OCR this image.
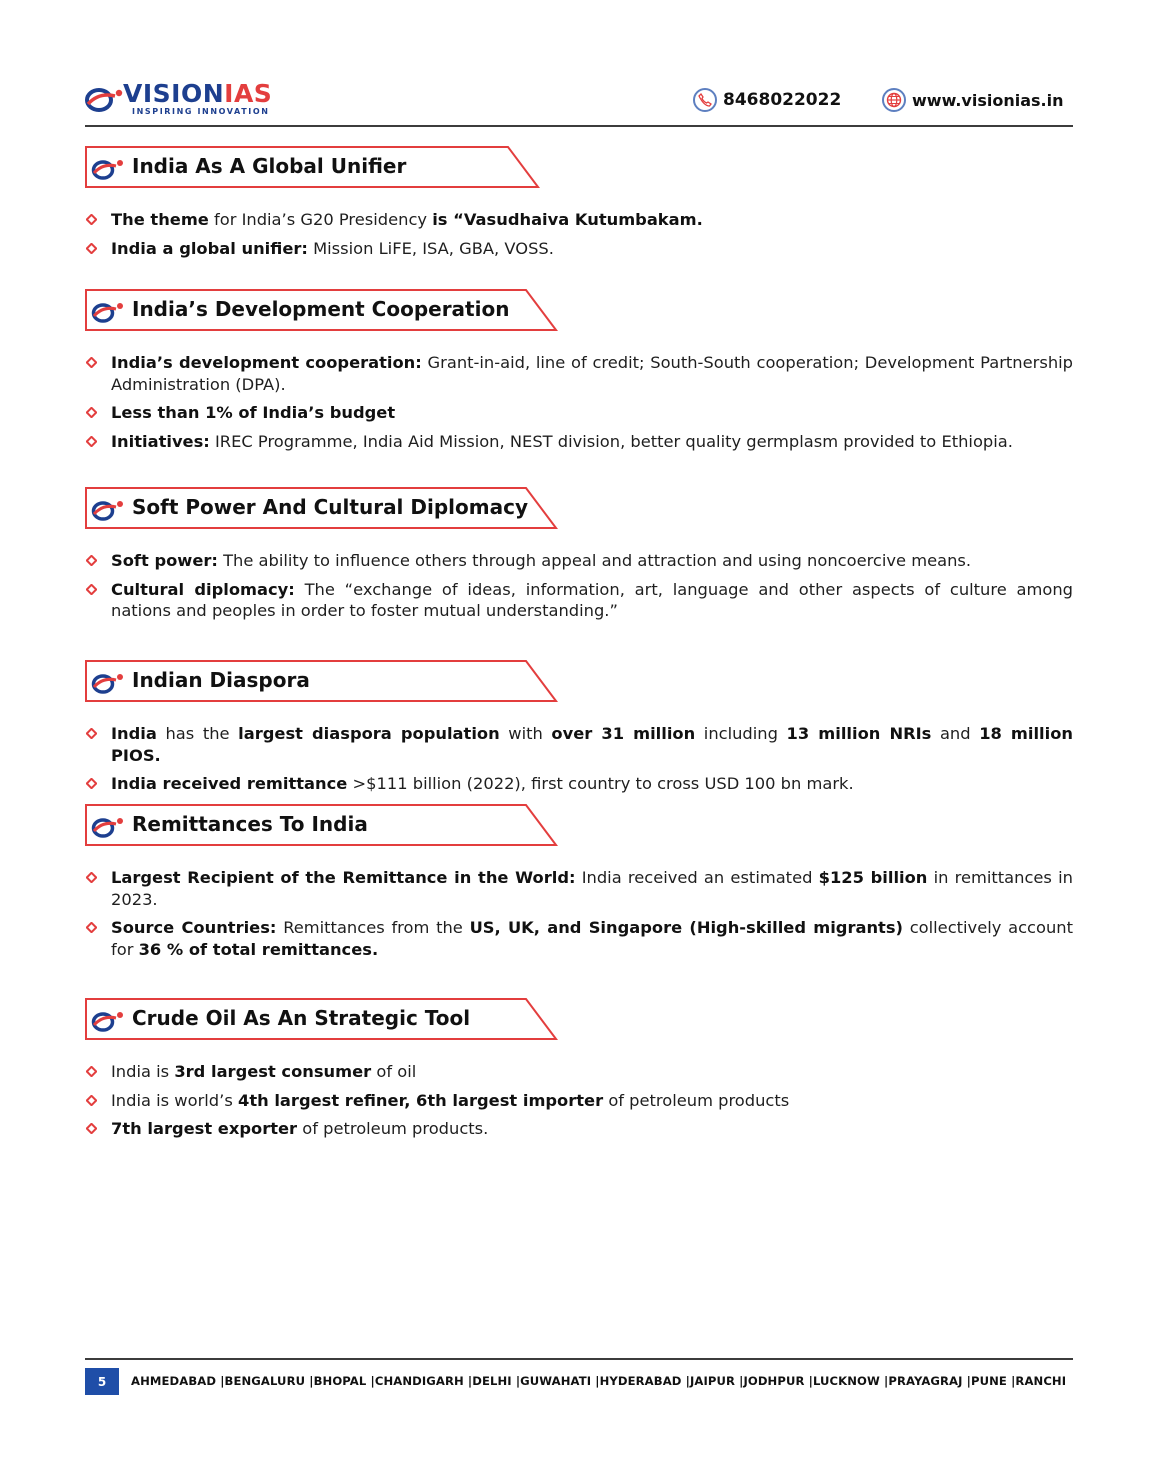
VISIONIAS
INSPIRING INNOVATION
8468022022	www.visionias.in
India As A Global Unifier
The theme for India’s G20 Presidency is “Vasudhaiva Kutumbakam.
India a global unifier: Mission LiFE, ISA, GBA, VOSS.
India’s Development Cooperation
India’s development cooperation: Grant-in-aid, line of credit; South-South cooperation; Development Partnership Administration (DPA).
Less than 1% of India’s budget
Initiatives: IREC Programme, India Aid Mission, NEST division, better quality germplasm provided to Ethiopia.
Soft Power And Cultural Diplomacy
Soft power: The ability to influence others through appeal and attraction and using noncoercive means.
Cultural diplomacy: The “exchange of ideas, information, art, language and other aspects of culture among nations and peoples in order to foster mutual understanding.”
Indian Diaspora
India has the largest diaspora population with over 31 million including 13 million NRIs and 18 million PIOS.
India received remittance >$111 billion (2022), first country to cross USD 100 bn mark.
Remittances To India
Largest Recipient of the Remittance in the World: India received an estimated $125 billion in remittances in 2023.
Source Countries: Remittances from the US, UK, and Singapore (High-skilled migrants) collectively account for 36 % of total remittances.
Crude Oil As An Strategic Tool
India is 3rd largest consumer of oil
India is world’s 4th largest refiner, 6th largest importer of petroleum products
7th largest exporter of petroleum products.
5	AHMEDABAD |BENGALURU |BHOPAL |CHANDIGARH |DELHI |GUWAHATI |HYDERABAD |JAIPUR |JODHPUR |LUCKNOW |PRAYAGRAJ |PUNE |RANCHI
